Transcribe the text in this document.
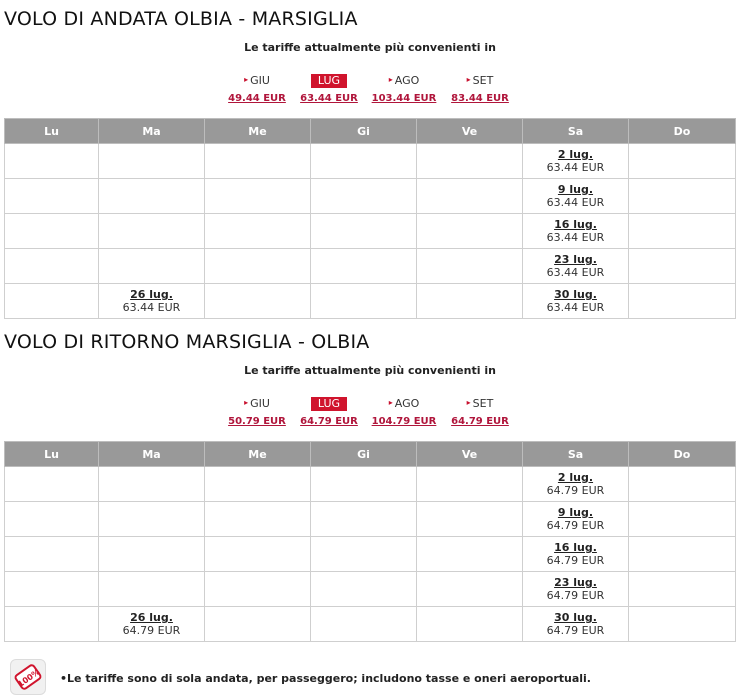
VOLO DI ANDATA OLBIA - MARSIGLIA
Le tariffe attualmente più convenienti in
▸ GIU
49.44 EUR
LUG
63.44 EUR
▸ AGO
103.44 EUR
▸ SET
83.44 EUR
Lu	Ma	Me	Gi	Ve	Sa	Do

					2 lug.
63.44 EUR	

					9 lug.
63.44 EUR	

					16 lug.
63.44 EUR	

					23 lug.
63.44 EUR	

	26 lug.
63.44 EUR				30 lug.
63.44 EUR	

VOLO DI RITORNO MARSIGLIA - OLBIA
Le tariffe attualmente più convenienti in
▸ GIU
50.79 EUR
LUG
64.79 EUR
▸ AGO
104.79 EUR
▸ SET
64.79 EUR
Lu	Ma	Me	Gi	Ve	Sa	Do

					2 lug.
64.79 EUR	

					9 lug.
64.79 EUR	

					16 lug.
64.79 EUR	

					23 lug.
64.79 EUR	

	26 lug.
64.79 EUR				30 lug.
64.79 EUR	

100% •Le tariffe sono di sola andata, per passeggero; includono tasse e oneri aeroportuali.
